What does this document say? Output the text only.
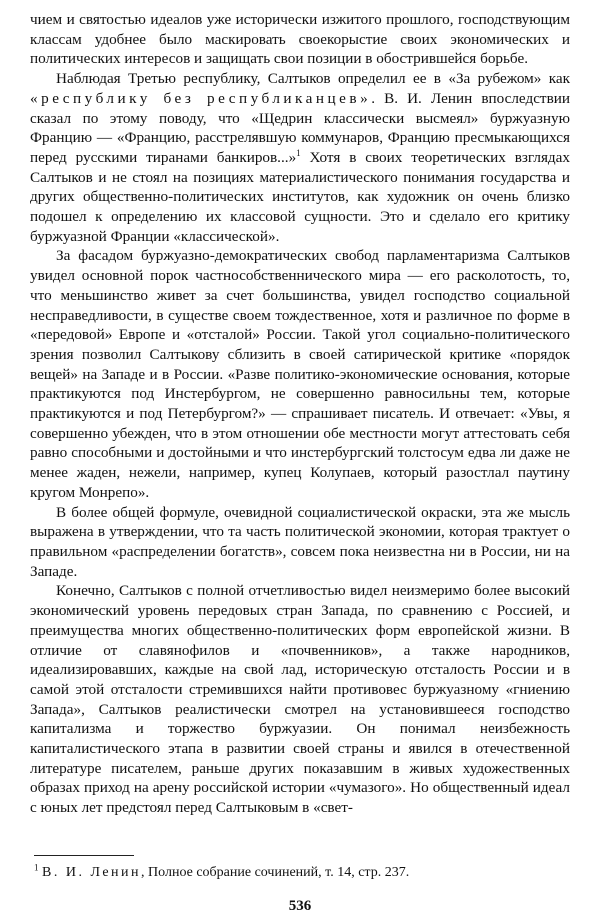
чием и святостью идеалов уже исторически изжитого прошлого, господствующим классам удобнее было маскировать своекорыстие своих экономических и политических интересов и защищать свои позиции в обострившейся борьбе.

Наблюдая Третью республику, Салтыков определил ее в «За рубежом» как «республику без республиканцев». В. И. Ленин впоследствии сказал по этому поводу, что «Щедрин классически высмеял» буржуазную Францию — «Францию, расстрелявшую коммунаров, Францию пресмыкающихся перед русскими тиранами банкиров...»$^1$ Хотя в своих теоретических взглядах Салтыков и не стоял на позициях материалистического понимания государства и других общественно-политических институтов, как художник он очень близко подошел к определению их классовой сущности. Это и сделало его критику буржуазной Франции «классической».

За фасадом буржуазно-демократических свобод парламентаризма Салтыков увидел основной порок частнособственнического мира — его расколотость, то, что меньшинство живет за счет большинства, увидел господство социальной несправедливости, в существе своем тождественное, хотя и различное по форме в «передовой» Европе и «отсталой» России. Такой угол социально-политического зрения позволил Салтыкову сблизить в своей сатирической критике «порядок вещей» на Западе и в России. «Разве политико-экономические основания, которые практикуются под Инстербургом, не совершенно равносильны тем, которые практикуются и под Петербургом?» — спрашивает писатель. И отвечает: «Увы, я совершенно убежден, что в этом отношении обе местности могут аттестовать себя равно способными и достойными и что инстербургский толстосум едва ли даже не менее жаден, нежели, например, купец Колупаев, который разостлал паутину кругом Монрепо».

В более общей формуле, очевидной социалистической окраски, эта же мысль выражена в утверждении, что та часть политической экономии, которая трактует о правильном «распределении богатств», совсем пока неизвестна ни в России, ни на Западе.

Конечно, Салтыков с полной отчетливостью видел неизмеримо более высокий экономический уровень передовых стран Запада, по сравнению с Россией, и преимущества многих общественно-политических форм европейской жизни. В отличие от славянофилов и «почвенников», а также народников, идеализировавших, каждые на свой лад, историческую отсталость России и в самой этой отсталости стремившихся найти противовес буржуазному «гниению Запада», Салтыков реалистически смотрел на установившееся господство капитализма и торжество буржуазии. Он понимал неизбежность капиталистического этапа в развитии своей страны и явился в отечественной литературе писателем, раньше других показавшим в живых художественных образах приход на арену российской истории «чумазого». Но общественный идеал с юных лет предстоял перед Салтыковым в «свет-

$^1$ В. И. Ленин, Полное собрание сочинений, т. 14, стр. 237.
536
